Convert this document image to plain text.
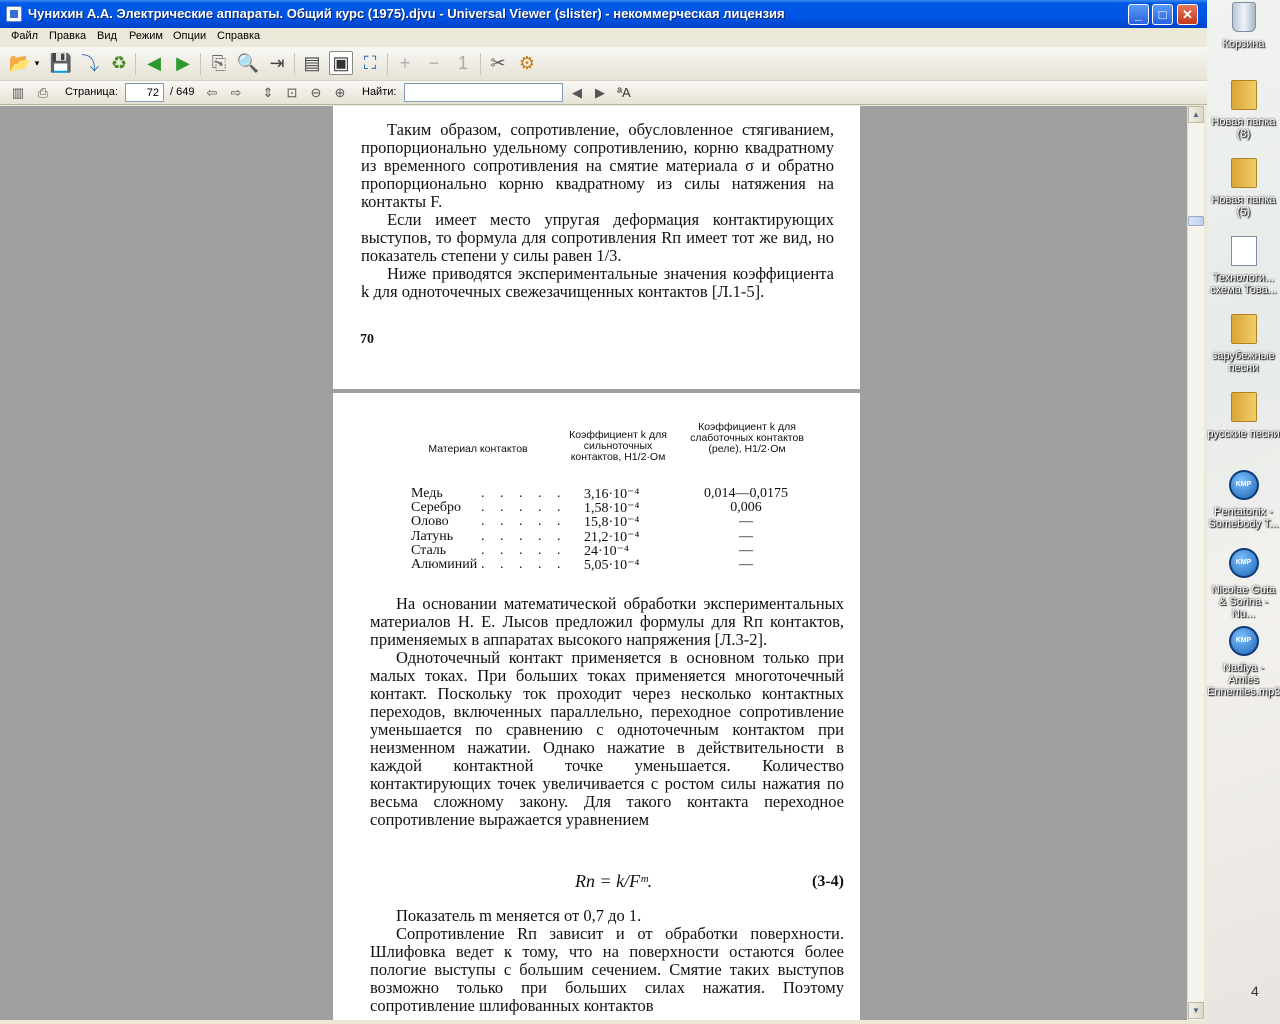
Чунихин А.А. Электрические аппараты. Общий курс (1975).djvu - Universal Viewer (slister) - некоммерческая лицензия	_	□	✕
Файл Правка Вид Режим Опции Справка
📂 ▾ 💾 ⤵ ♻ ◀ ▶ ⎘ 🔍 ⇥ ▤ ▣ ⛶	+	−	1	✂ ⚙
▥ ⎙	Страница:
72	/ 649 ⇦ ⇨ ⇕ ⊡ ⊖ ⊕	Найти:	◀	▶ ªA

Таким образом, сопротивление, обусловленное стягиванием, пропорционально удельному сопротивлению, корню квадратному из временного сопротивления на смятие материала σ и обратно пропорционально корню квадратному из силы натяжения на контакты F.

Если имеет место упругая деформация контактирующих выступов, то формула для сопротивления Rп имеет тот же вид, но показатель степени у силы равен 1/3.

Ниже приводятся экспериментальные значения коэффициента k для одноточечных свежезачищенных контактов [Л.1-5].

70
Материал контактов
Коэффициент k для сильноточных контактов, Н1/2·Ом
Коэффициент k для слаботочных контактов (реле), Н1/2·Ом
Медь	. . . . . 3,16·10⁻⁴	0,014—0,0175
Серебро . . . . . 1,58·10⁻⁴	0,006
Олово . . . . . 15,8·10⁻⁴	—
Латунь . . . . . 21,2·10⁻⁴	—
Сталь . . . . . 24·10⁻⁴	—
Алюминий . . . . . 5,05·10⁻⁴	—

На основании математической обработки экспериментальных материалов Н. Е. Лысов предложил формулы для Rп контактов, применяемых в аппаратах высокого напряжения [Л.3-2].

Одноточечный контакт применяется в основном только при малых токах. При больших токах применяется многоточечный контакт. Поскольку ток проходит через несколько контактных переходов, включенных параллельно, переходное сопротивление уменьшается по сравнению с одноточечным контактом при неизменном нажатии. Однако нажатие в действительности в каждой контактной точке уменьшается. Количество контактирующих точек увеличивается с ростом силы нажатия по весьма сложному закону. Для такого контакта переходное сопротивление выражается уравнением

Rп = k/Fᵐ.	(3-4)

Показатель m меняется от 0,7 до 1.

Сопротивление Rп зависит и от обработки поверхности. Шлифовка ведет к тому, что на поверхности остаются более пологие выступы с большим сечением. Смятие таких выступов возможно только при больших силах нажатия. Поэтому сопротивление шлифованных контактов

▲
▼
Корзина
Новая папка (8)
Новая папка (5)
Технологи... схема Това...
зарубежные песни
русские песни
KMP
Pentatonix - Somebody T...
KMP
Nicolae Guta & Sorina - Nu...
KMP
Nadiya - Amies Ennemies.mp3
4
